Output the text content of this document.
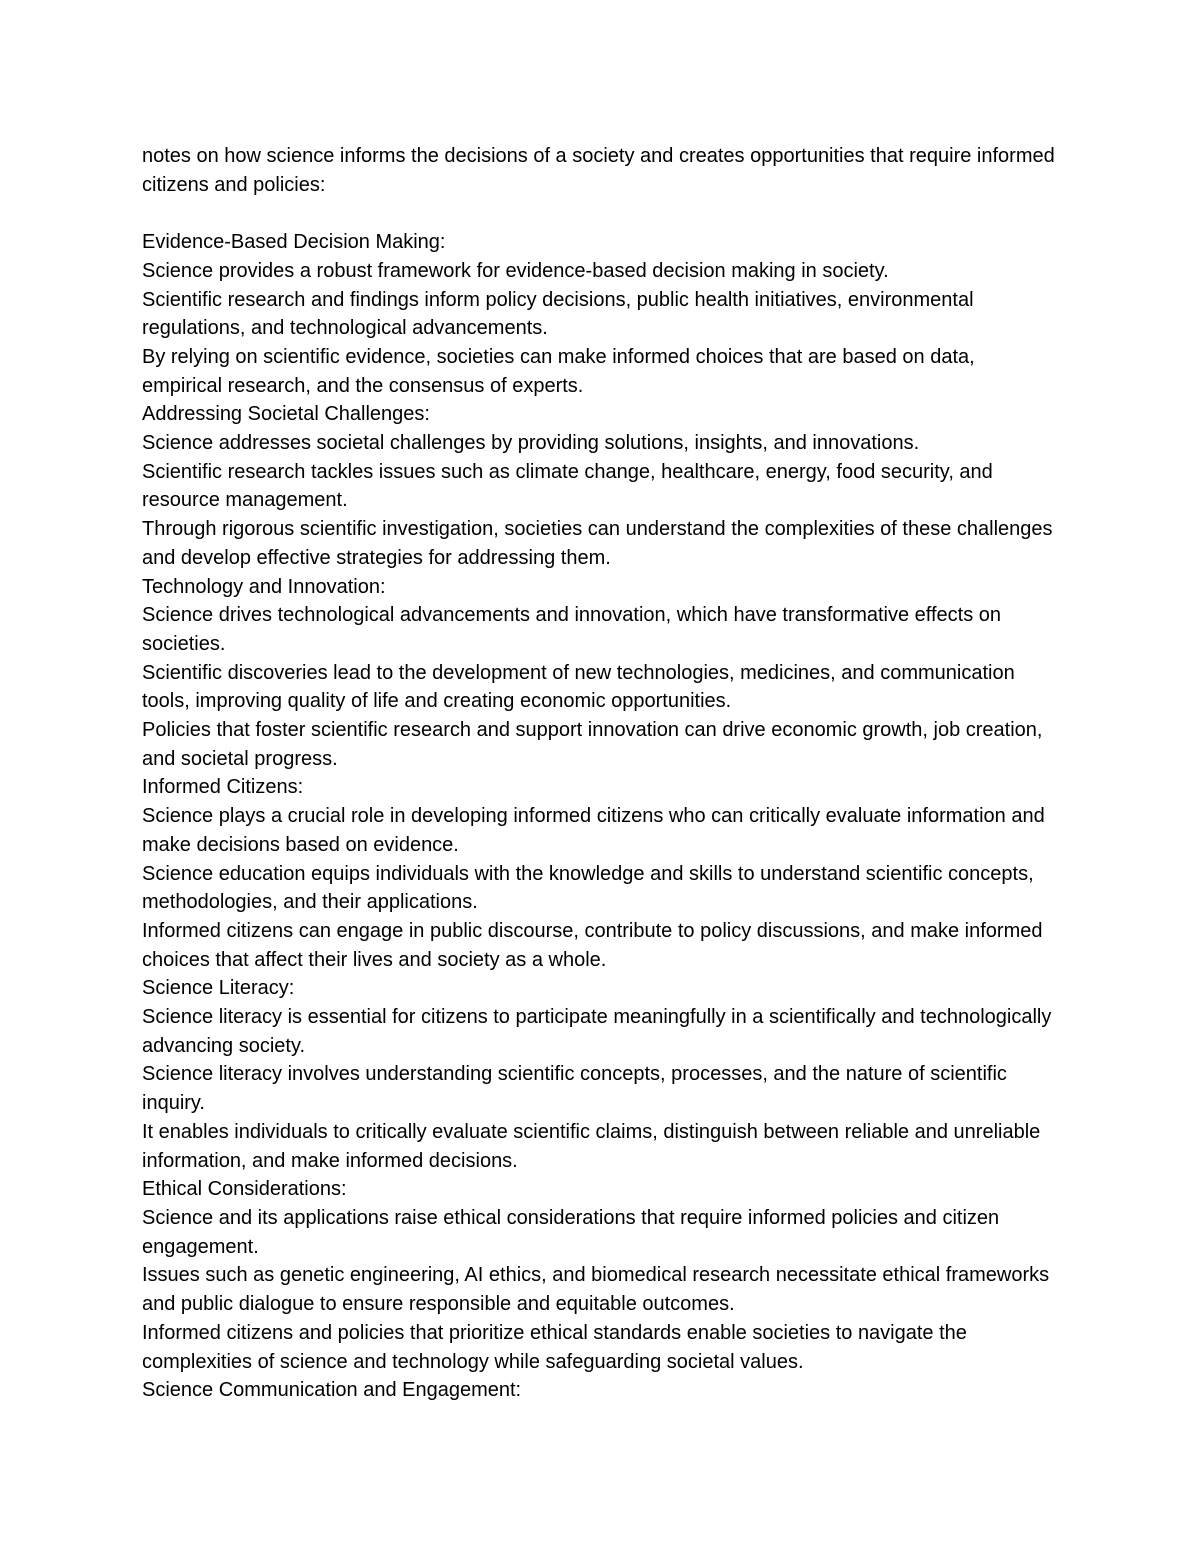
notes on how science informs the decisions of a society and creates opportunities that require informed citizens and policies:

Evidence-Based Decision Making:

Science provides a robust framework for evidence-based decision making in society.

Scientific research and findings inform policy decisions, public health initiatives, environmental regulations, and technological advancements.

By relying on scientific evidence, societies can make informed choices that are based on data, empirical research, and the consensus of experts.

Addressing Societal Challenges:

Science addresses societal challenges by providing solutions, insights, and innovations.

Scientific research tackles issues such as climate change, healthcare, energy, food security, and resource management.

Through rigorous scientific investigation, societies can understand the complexities of these challenges and develop effective strategies for addressing them.

Technology and Innovation:

Science drives technological advancements and innovation, which have transformative effects on societies.

Scientific discoveries lead to the development of new technologies, medicines, and communication tools, improving quality of life and creating economic opportunities.

Policies that foster scientific research and support innovation can drive economic growth, job creation, and societal progress.

Informed Citizens:

Science plays a crucial role in developing informed citizens who can critically evaluate information and make decisions based on evidence.

Science education equips individuals with the knowledge and skills to understand scientific concepts, methodologies, and their applications.

Informed citizens can engage in public discourse, contribute to policy discussions, and make informed choices that affect their lives and society as a whole.

Science Literacy:

Science literacy is essential for citizens to participate meaningfully in a scientifically and technologically advancing society.

Science literacy involves understanding scientific concepts, processes, and the nature of scientific inquiry.

It enables individuals to critically evaluate scientific claims, distinguish between reliable and unreliable information, and make informed decisions.

Ethical Considerations:

Science and its applications raise ethical considerations that require informed policies and citizen engagement.

Issues such as genetic engineering, AI ethics, and biomedical research necessitate ethical frameworks and public dialogue to ensure responsible and equitable outcomes.

Informed citizens and policies that prioritize ethical standards enable societies to navigate the complexities of science and technology while safeguarding societal values.

Science Communication and Engagement:
